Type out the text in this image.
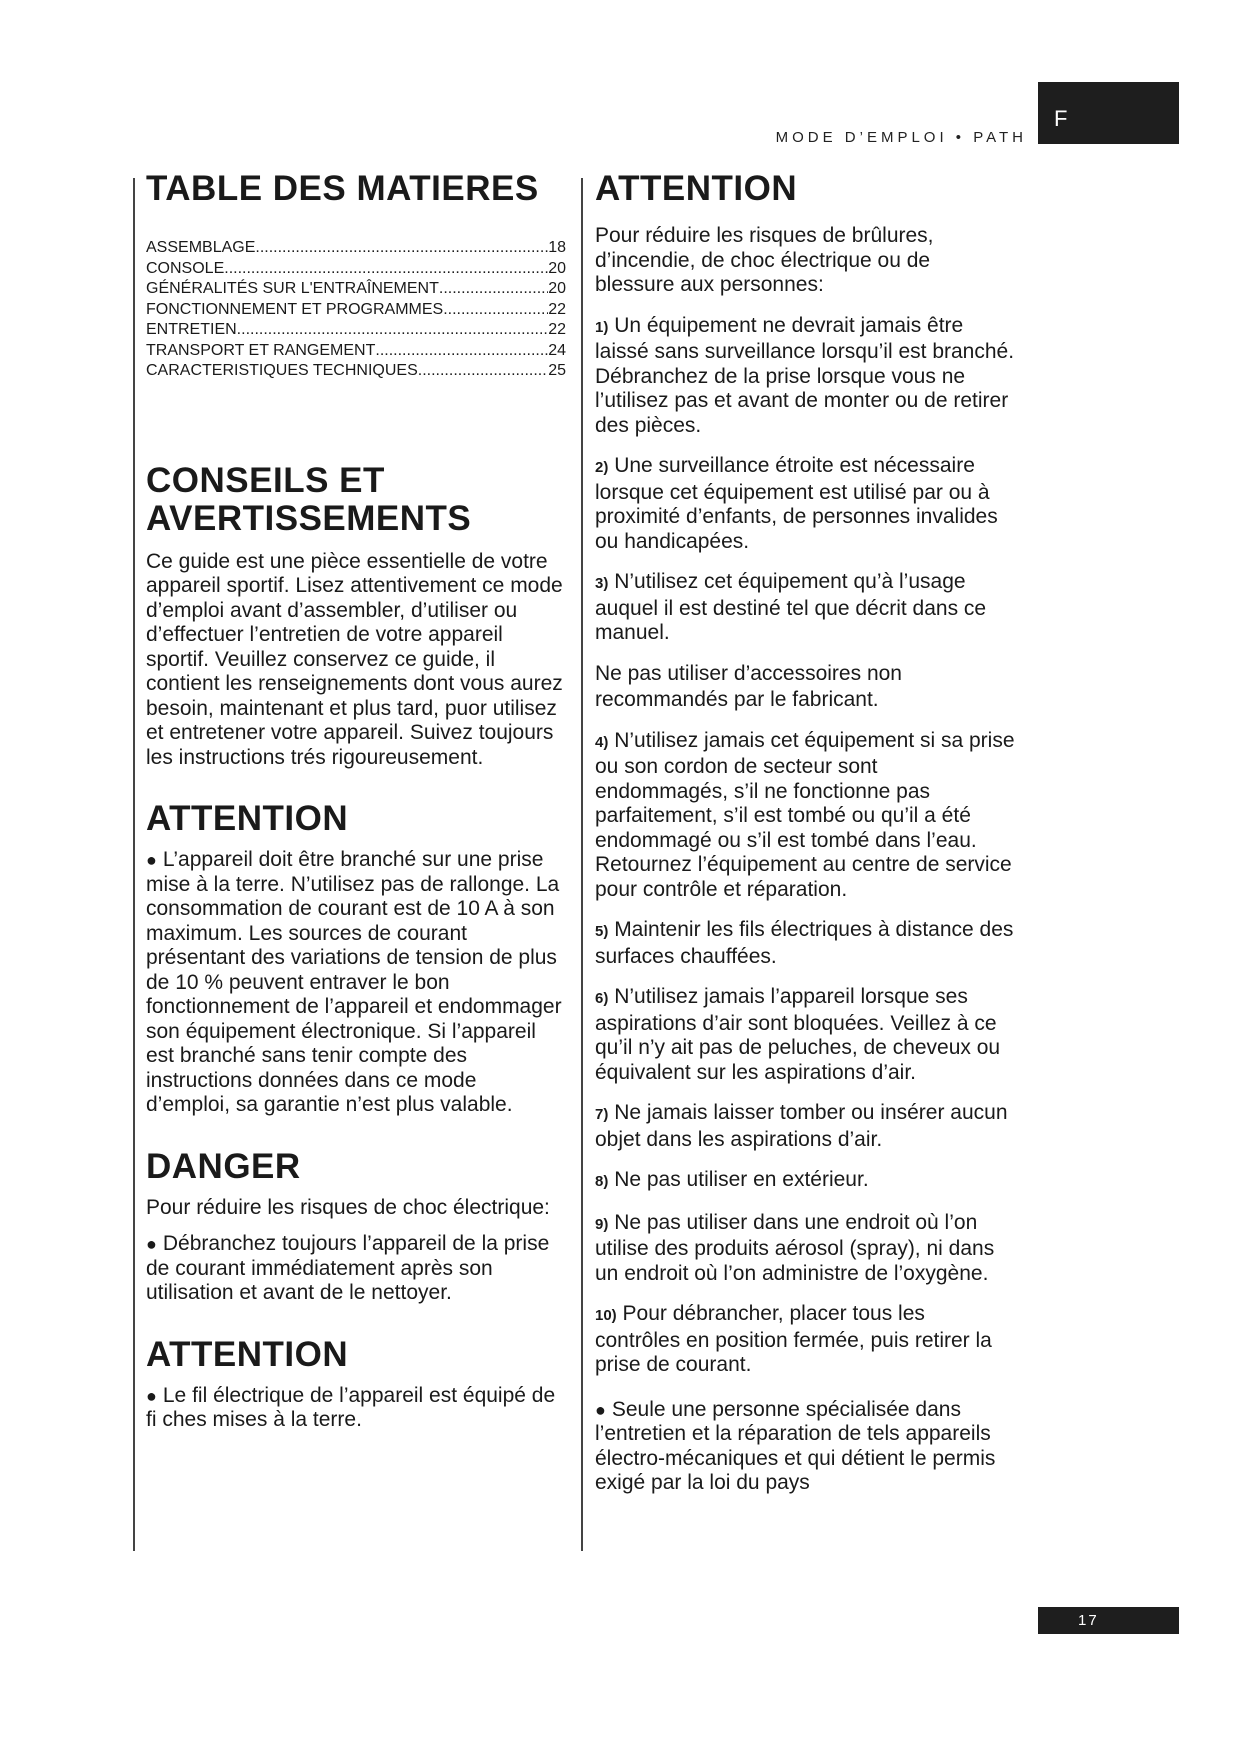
MODE D’EMPLOI • PATH
F
TABLE DES MATIERES
ASSEMBLAGE .....	18
CONSOLE .....	20
GÉNÉRALITÉS SUR L'ENTRAÎNEMENT .....	20
FONCTIONNEMENT ET PROGRAMMES .....	22
ENTRETIEN .....	22
TRANSPORT ET RANGEMENT .....	24
CARACTERISTIQUES TECHNIQUES .....	25
CONSEILS ET
AVERTISSEMENTS

Ce guide est une pièce essentielle de votre appareil sportif. Lisez attentivement ce mode d’emploi avant d’assembler, d’utiliser ou d’effectuer l’entretien de votre appareil sportif. Veuillez conservez ce guide, il contient les renseignements dont vous aurez besoin, maintenant et plus tard, puor utilisez et entretener votre appareil. Suivez toujours les instructions trés rigoureusement.

ATTENTION

● L’appareil doit être branché sur une prise mise à la terre. N’utilisez pas de rallonge. La consommation de courant est de 10 A à son maximum. Les sources de courant présentant des variations de tension de plus de 10 % peuvent entraver le bon fonctionnement de l’appareil et endommager son équipement électronique. Si l’appareil est branché sans tenir compte des instructions données dans ce mode d’emploi, sa garantie n’est plus valable.

DANGER

Pour réduire les risques de choc électrique:

● Débranchez toujours l’appareil de la prise de courant immédiatement après son utilisation et avant de le nettoyer.

ATTENTION

● Le fil électrique de l’appareil est équipé de fi ches mises à la terre.

ATTENTION

Pour réduire les risques de brûlures, d’incendie, de choc électrique ou de blessure aux personnes:

1) Un équipement ne devrait jamais être laissé sans surveillance lorsqu’il est branché. Débranchez de la prise lorsque vous ne l’utilisez pas et avant de monter ou de retirer des pièces.

2) Une surveillance étroite est nécessaire lorsque cet équipement est utilisé par ou à proximité d’enfants, de personnes invalides ou handicapées.

3) N’utilisez cet équipement qu’à l’usage auquel il est destiné tel que décrit dans ce manuel.

Ne pas utiliser d’accessoires non recommandés par le fabricant.

4) N’utilisez jamais cet équipement si sa prise ou son cordon de secteur sont endommagés, s’il ne fonctionne pas parfaitement, s’il est tombé ou qu’il a été endommagé ou s’il est tombé dans l’eau. Retournez l’équipement au centre de service pour contrôle et réparation.

5) Maintenir les fils électriques à distance des surfaces chauffées.

6) N’utilisez jamais l’appareil lorsque ses aspirations d’air sont bloquées. Veillez à ce qu’il n’y ait pas de peluches, de cheveux ou équivalent sur les aspirations d’air.

7) Ne jamais laisser tomber ou insérer aucun objet dans les aspirations d’air.

8) Ne pas utiliser en extérieur.

9) Ne pas utiliser dans une endroit où l’on utilise des produits aérosol (spray), ni dans un endroit où l’on administre de l’oxygène.

10) Pour débrancher, placer tous les contrôles en position fermée, puis retirer la prise de courant.

● Seule une personne spécialisée dans l’entretien et la réparation de tels appareils électro-mécaniques et qui détient le permis exigé par la loi du pays

17
